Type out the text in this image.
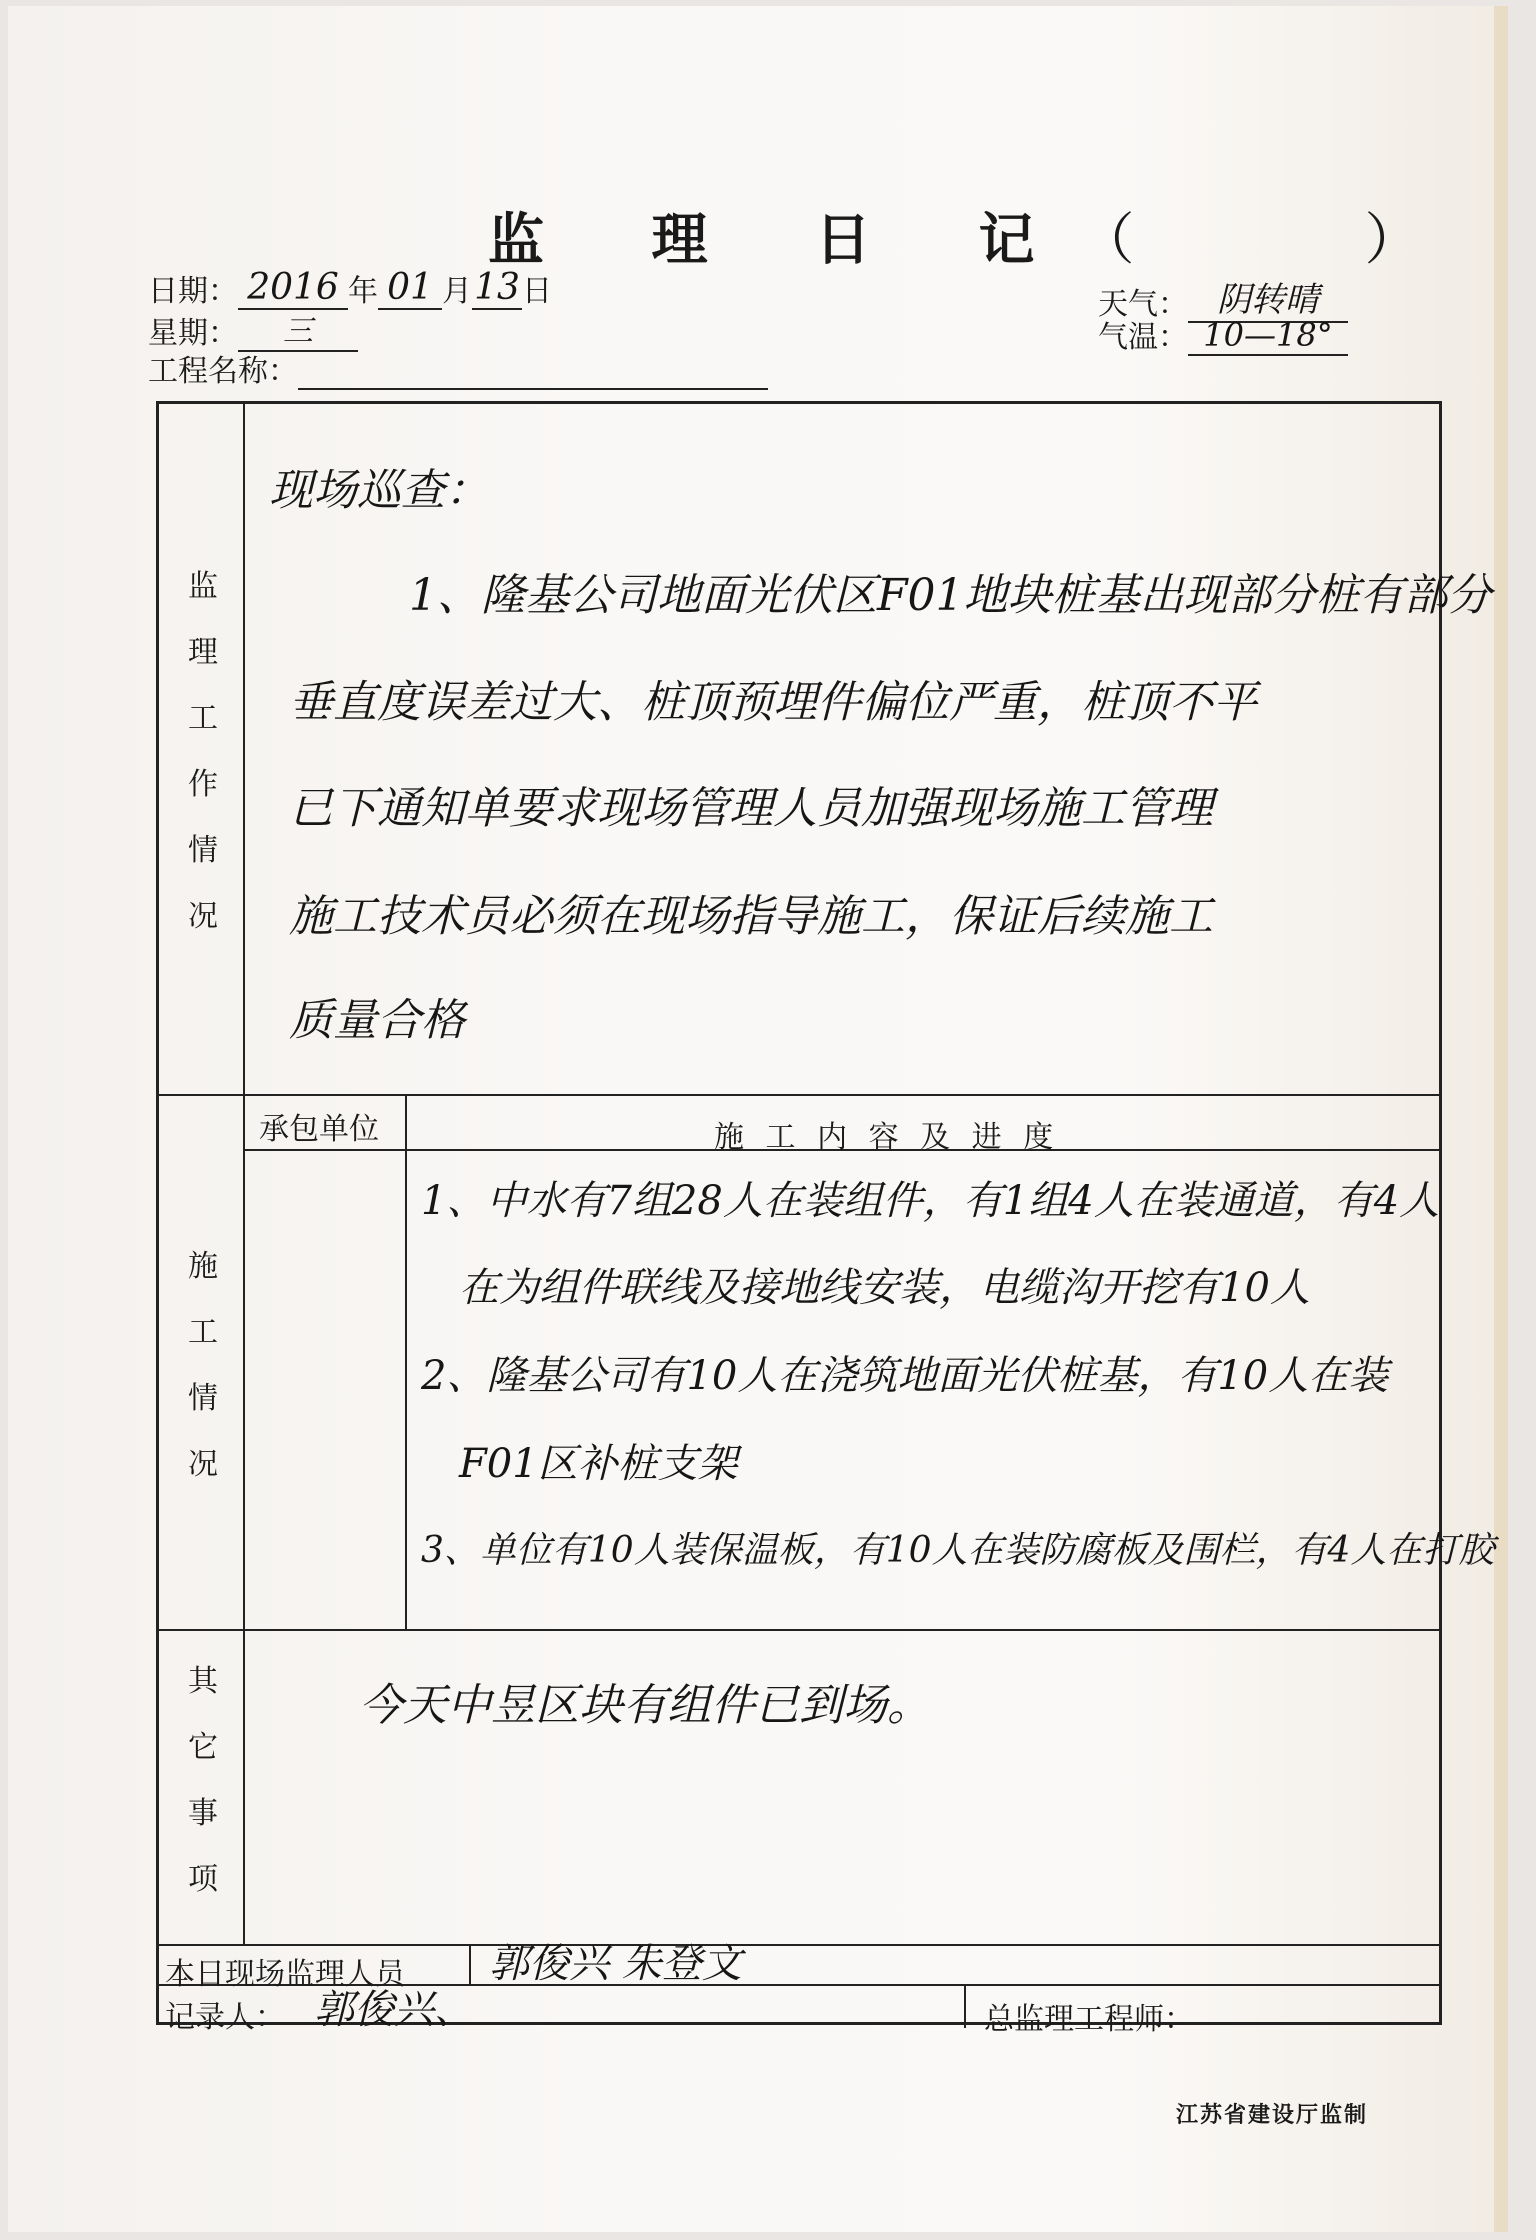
监 理 日 记（	）
日期： 2016 年 01 月13日
星期： 三
工程名称：
天气： 阴转晴
气温： 10—18°
监
理
工
作
情
况
现场巡查：
1、隆基公司地面光伏区F01地块桩基出现部分桩有部分
垂直度误差过大、桩顶预埋件偏位严重，桩顶不平
已下通知单要求现场管理人员加强现场施工管理
施工技术员必须在现场指导施工，保证后续施工
质量合格
承包单位	施 工 内 容 及 进 度
施
工
情
况
1、中水有7组28人在装组件，有1组4人在装通道，有4人
在为组件联线及接地线安装，电缆沟开挖有10人
2、隆基公司有10人在浇筑地面光伏桩基，有10人在装
F01区补桩支架
3、单位有10人装保温板，有10人在装防腐板及围栏，有4人在打胶
其
它
事
项
今天中昱区块有组件已到场。
本日现场监理人员 郭俊兴 朱登文
记录人： 郭俊兴、	总监理工程师：
江苏省建设厅监制
